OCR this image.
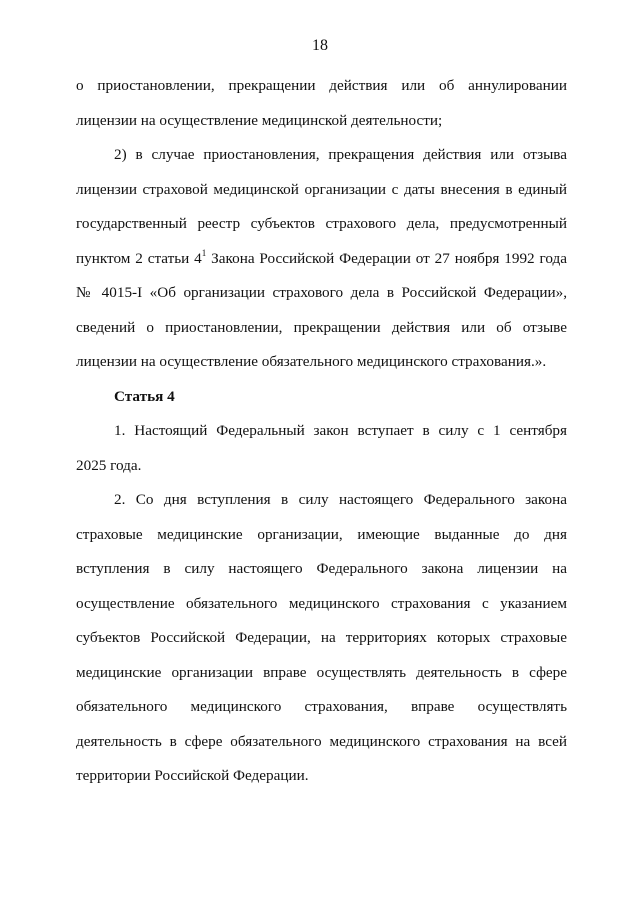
18
о приостановлении, прекращении действия или об аннулировании
лицензии на осуществление медицинской деятельности;
2) в случае приостановления, прекращения действия или отзыва
лицензии страховой медицинской организации с даты внесения в единый
государственный реестр субъектов страхового дела, предусмотренный
пунктом 2 статьи $4^1$ Закона Российской Федерации от 27 ноября 1992 года
№ 4015-I «Об организации страхового дела в Российской Федерации»,
сведений о приостановлении, прекращении действия или об отзыве
лицензии на осуществление обязательного медицинского страхования.».
Статья 4
1. Настоящий Федеральный закон вступает в силу с 1 сентября
2025 года.
2. Со дня вступления в силу настоящего Федерального закона
страховые медицинские организации, имеющие выданные до дня
вступления в силу настоящего Федерального закона лицензии на
осуществление обязательного медицинского страхования с указанием
субъектов Российской Федерации, на территориях которых страховые
медицинские организации вправе осуществлять деятельность в сфере
обязательного медицинского страхования, вправе осуществлять
деятельность в сфере обязательного медицинского страхования на всей
территории Российской Федерации.
